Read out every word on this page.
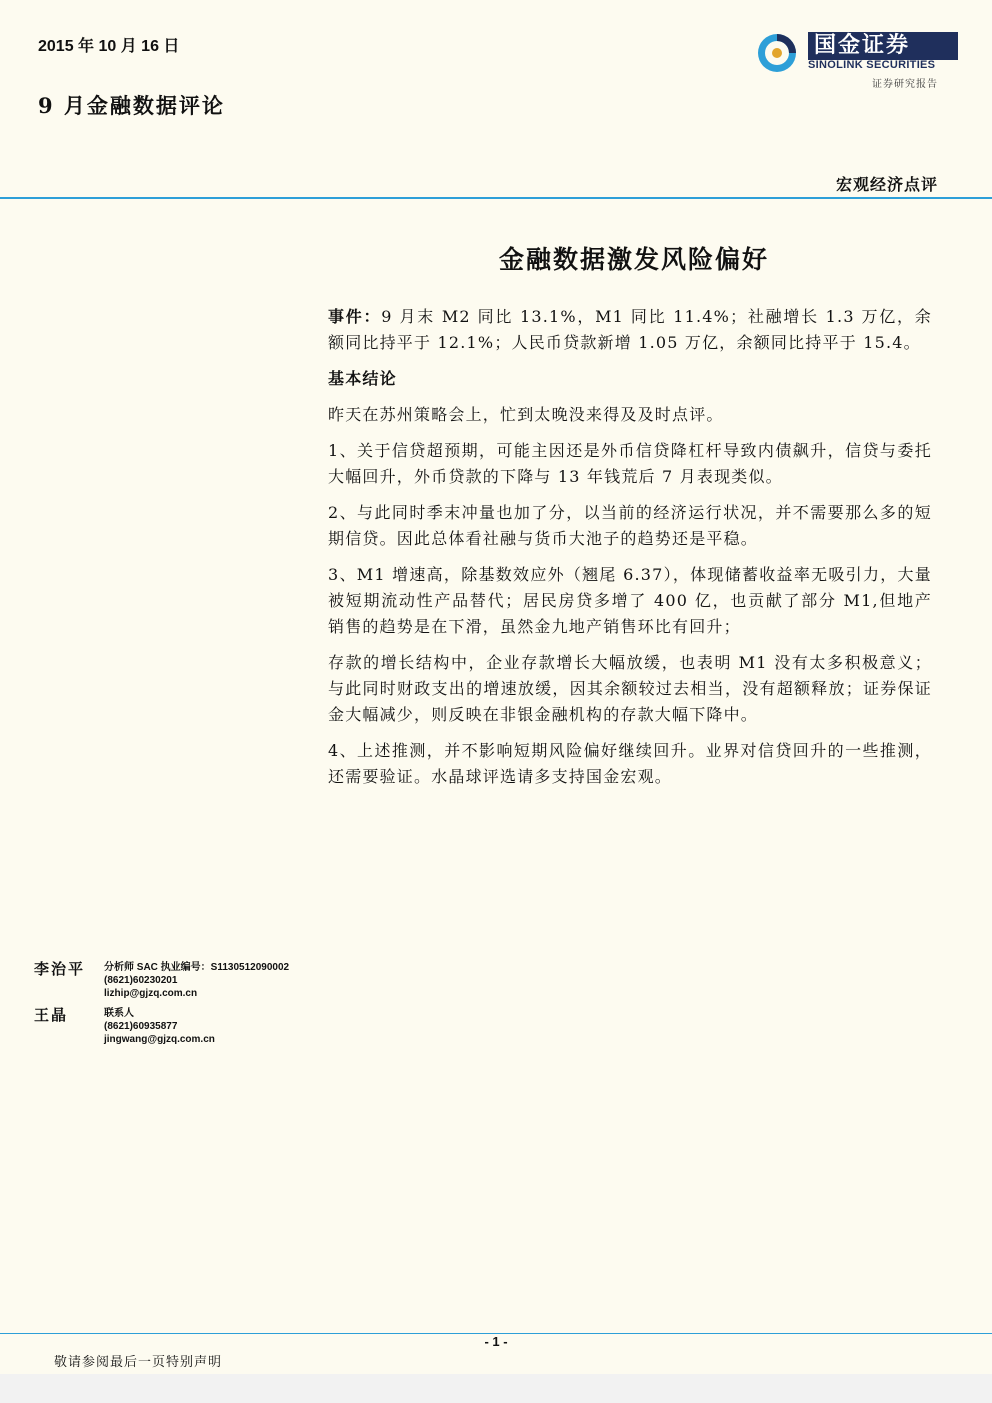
2015 年 10 月 16 日
9 月金融数据评论
国金证券
SINOLINK SECURITIES
证券研究报告
宏观经济点评
金融数据激发风险偏好

事件：9 月末 M2 同比 13.1%，M1 同比 11.4%；社融增长 1.3 万亿，余额同比持平于 12.1%；人民币贷款新增 1.05 万亿，余额同比持平于 15.4。

基本结论

昨天在苏州策略会上，忙到太晚没来得及及时点评。

1、关于信贷超预期，可能主因还是外币信贷降杠杆导致内债飙升，信贷与委托大幅回升，外币贷款的下降与 13 年钱荒后 7 月表现类似。

2、与此同时季末冲量也加了分，以当前的经济运行状况，并不需要那么多的短期信贷。因此总体看社融与货币大池子的趋势还是平稳。

3、M1 增速高，除基数效应外（翘尾 6.37），体现储蓄收益率无吸引力，大量被短期流动性产品替代；居民房贷多增了 400 亿，也贡献了部分 M1,但地产销售的趋势是在下滑，虽然金九地产销售环比有回升；

存款的增长结构中，企业存款增长大幅放缓，也表明 M1 没有太多积极意义；与此同时财政支出的增速放缓，因其余额较过去相当，没有超额释放；证券保证金大幅减少，则反映在非银金融机构的存款大幅下降中。

4、上述推测，并不影响短期风险偏好继续回升。业界对信贷回升的一些推测，还需要验证。水晶球评选请多支持国金宏观。

李治平 分析师 SAC 执业编号：S1130512090002
(8621)60230201
lizhip@gjzq.com.cn
王晶	联系人
(8621)60935877
jingwang@gjzq.com.cn
- 1 -
敬请参阅最后一页特别声明
